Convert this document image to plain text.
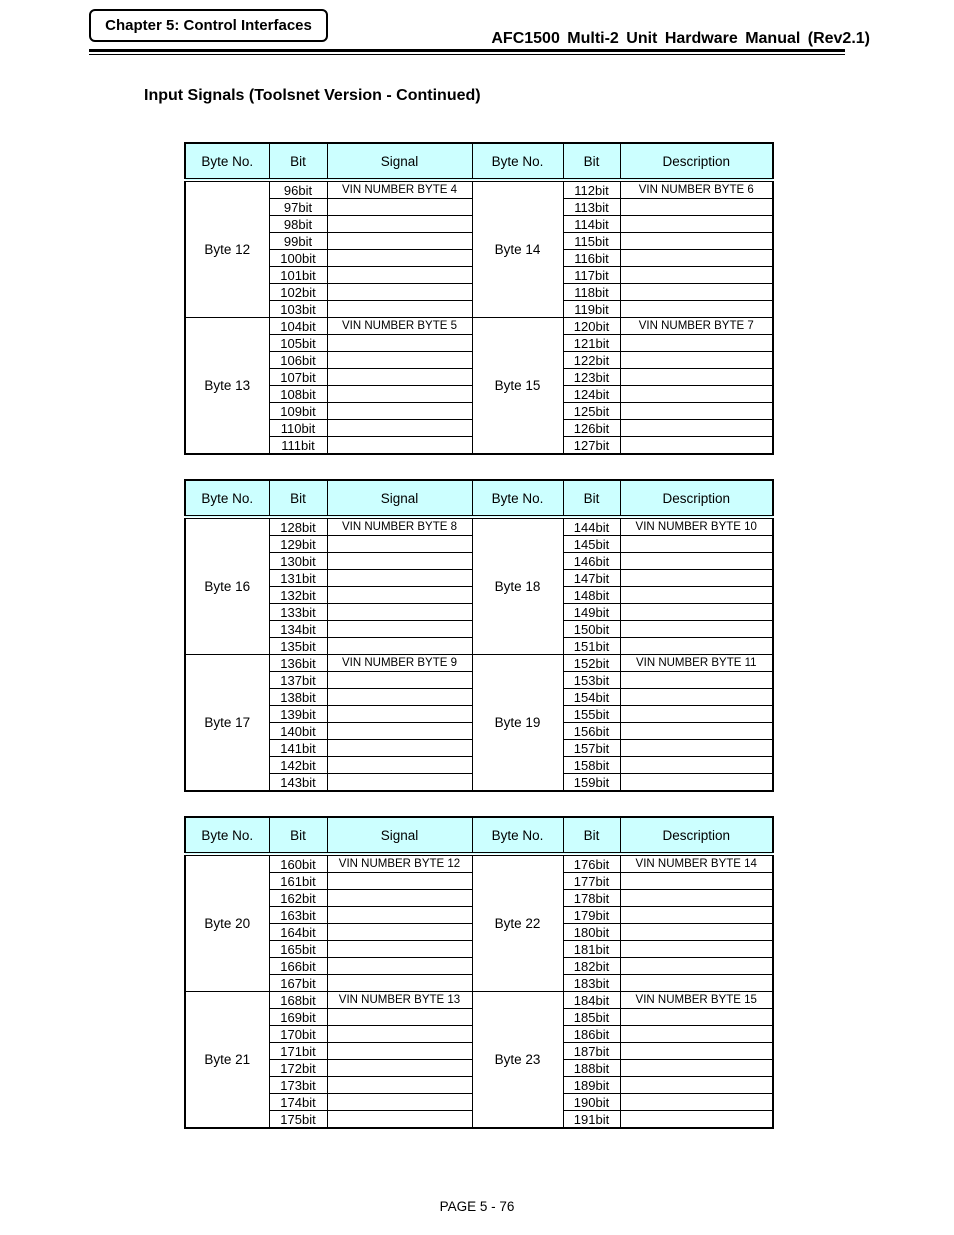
Chapter 5: Control Interfaces
AFC1500 Multi-2 Unit Hardware Manual (Rev2.1)
Input Signals (Toolsnet Version - Continued)
Byte No.	Bit	Signal	Byte No.	Bit	Description
Byte 12	96bit	VIN NUMBER BYTE 4	Byte 14	112bit	VIN NUMBER BYTE 6
	97bit			113bit	
	98bit			114bit	
	99bit			115bit	
	100bit			116bit	
	101bit			117bit	
	102bit			118bit	
	103bit			119bit	
Byte 13	104bit	VIN NUMBER BYTE 5	Byte 15	120bit	VIN NUMBER BYTE 7
	105bit			121bit	
	106bit			122bit	
	107bit			123bit	
	108bit			124bit	
	109bit			125bit	
	110bit			126bit	
	111bit			127bit	
Byte No.	Bit	Signal	Byte No.	Bit	Description
Byte 16	128bit	VIN NUMBER BYTE 8	Byte 18	144bit	VIN NUMBER BYTE 10
	129bit			145bit	
	130bit			146bit	
	131bit			147bit	
	132bit			148bit	
	133bit			149bit	
	134bit			150bit	
	135bit			151bit	
Byte 17	136bit	VIN NUMBER BYTE 9	Byte 19	152bit	VIN NUMBER BYTE 11
	137bit			153bit	
	138bit			154bit	
	139bit			155bit	
	140bit			156bit	
	141bit			157bit	
	142bit			158bit	
	143bit			159bit	
Byte No.	Bit	Signal	Byte No.	Bit	Description
Byte 20	160bit	VIN NUMBER BYTE 12	Byte 22	176bit	VIN NUMBER BYTE 14
	161bit			177bit	
	162bit			178bit	
	163bit			179bit	
	164bit			180bit	
	165bit			181bit	
	166bit			182bit	
	167bit			183bit	
Byte 21	168bit	VIN NUMBER BYTE 13	Byte 23	184bit	VIN NUMBER BYTE 15
	169bit			185bit	
	170bit			186bit	
	171bit			187bit	
	172bit			188bit	
	173bit			189bit	
	174bit			190bit	
	175bit			191bit	
PAGE 5 - 76
